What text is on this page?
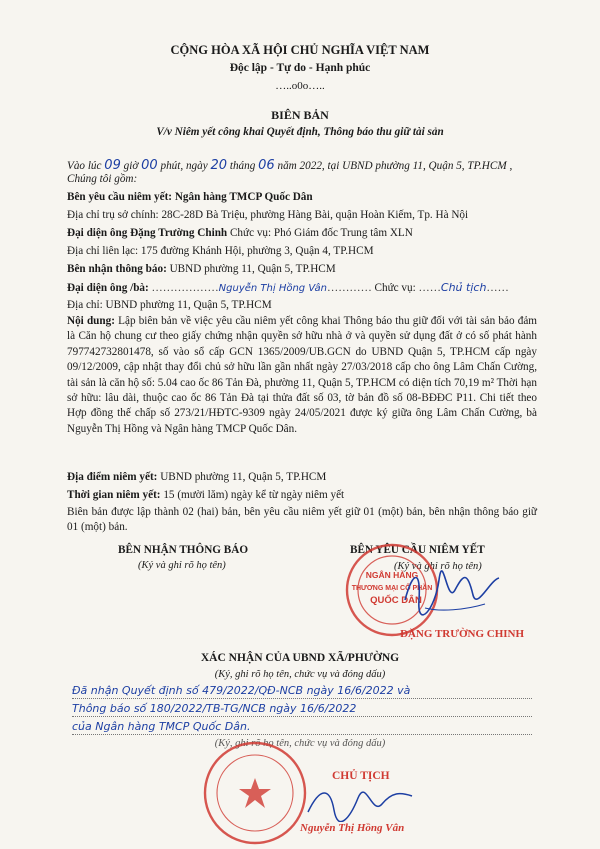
CỘNG HÒA XÃ HỘI CHỦ NGHĨA VIỆT NAM
Độc lập - Tự do - Hạnh phúc
…..o0o…..
BIÊN BẢN
V/v Niêm yết công khai Quyết định, Thông báo thu giữ tài sản
Vào lúc 09 giờ 00 phút, ngày 20 tháng 06 năm 2022, tại UBND phường 11, Quận 5, TP.HCM ,
Chúng tôi gồm:
Bên yêu cầu niêm yết: Ngân hàng TMCP Quốc Dân
Địa chỉ trụ sở chính: 28C-28D Bà Triệu, phường Hàng Bài, quận Hoàn Kiếm, Tp. Hà Nội
Đại diện ông Đặng Trường Chinh Chức vụ: Phó Giám đốc Trung tâm XLN
Địa chỉ liên lạc: 175 đường Khánh Hội, phường 3, Quận 4, TP.HCM
Bên nhận thông báo: UBND phường 11, Quận 5, TP.HCM
Đại diện ông /bà: ………………Nguyễn Thị Hồng Vân………… Chức vụ: ……Chủ tịch……
Địa chỉ: UBND phường 11, Quận 5, TP.HCM
Nội dung: Lập biên bản về việc yêu cầu niêm yết công khai Thông báo thu giữ đối với tài sản bảo đảm là Căn hộ chung cư theo giấy chứng nhận quyền sở hữu nhà ở và quyền sử dụng đất ở có số phát hành 797742732801478, số vào sổ cấp GCN 1365/2009/UB.GCN do UBND Quận 5, TP.HCM cấp ngày 09/12/2009, cập nhật thay đổi chủ sở hữu lần gần nhất ngày 27/03/2018 cấp cho ông Lâm Chấn Cường, tài sản là căn hộ số: 5.04 cao ốc 86 Tản Đà, phường 11, Quận 5, TP.HCM có diện tích 70,19 m² Thời hạn sở hữu: lâu dài, thuộc cao ốc 86 Tản Đà tại thửa đất số 03, tờ bản đồ số 08-BĐĐC P11. Chi tiết theo Hợp đồng thế chấp số 273/21/HĐTC-9309 ngày 24/05/2021 được ký giữa ông Lâm Chấn Cường, bà Nguyễn Thị Hồng và Ngân hàng TMCP Quốc Dân.
Địa điểm niêm yết: UBND phường 11, Quận 5, TP.HCM
Thời gian niêm yết: 15 (mười lăm) ngày kể từ ngày niêm yết
Biên bản được lập thành 02 (hai) bản, bên yêu cầu niêm yết giữ 01 (một) bản, bên nhận thông báo giữ 01 (một) bản.
BÊN NHẬN THÔNG BÁO
(Ký và ghi rõ họ tên)
BÊN YÊU CẦU NIÊM YẾT
(Ký và ghi rõ họ tên)
NGÂN HÀNG
THƯƠNG MẠI CỔ PHẦN
QUỐC DÂN
ĐẶNG TRƯỜNG CHINH
XÁC NHẬN CỦA UBND XÃ/PHƯỜNG
(Ký, ghi rõ họ tên, chức vụ và đóng dấu)
Đã nhận Quyết định số 479/2022/QĐ-NCB ngày 16/6/2022 và
Thông báo số 180/2022/TB-TG/NCB ngày 16/6/2022
của Ngân hàng TMCP Quốc Dân.
(Ký, ghi rõ họ tên, chức vụ và đóng dấu)
CHỦ TỊCH
Nguyễn Thị Hồng Vân
